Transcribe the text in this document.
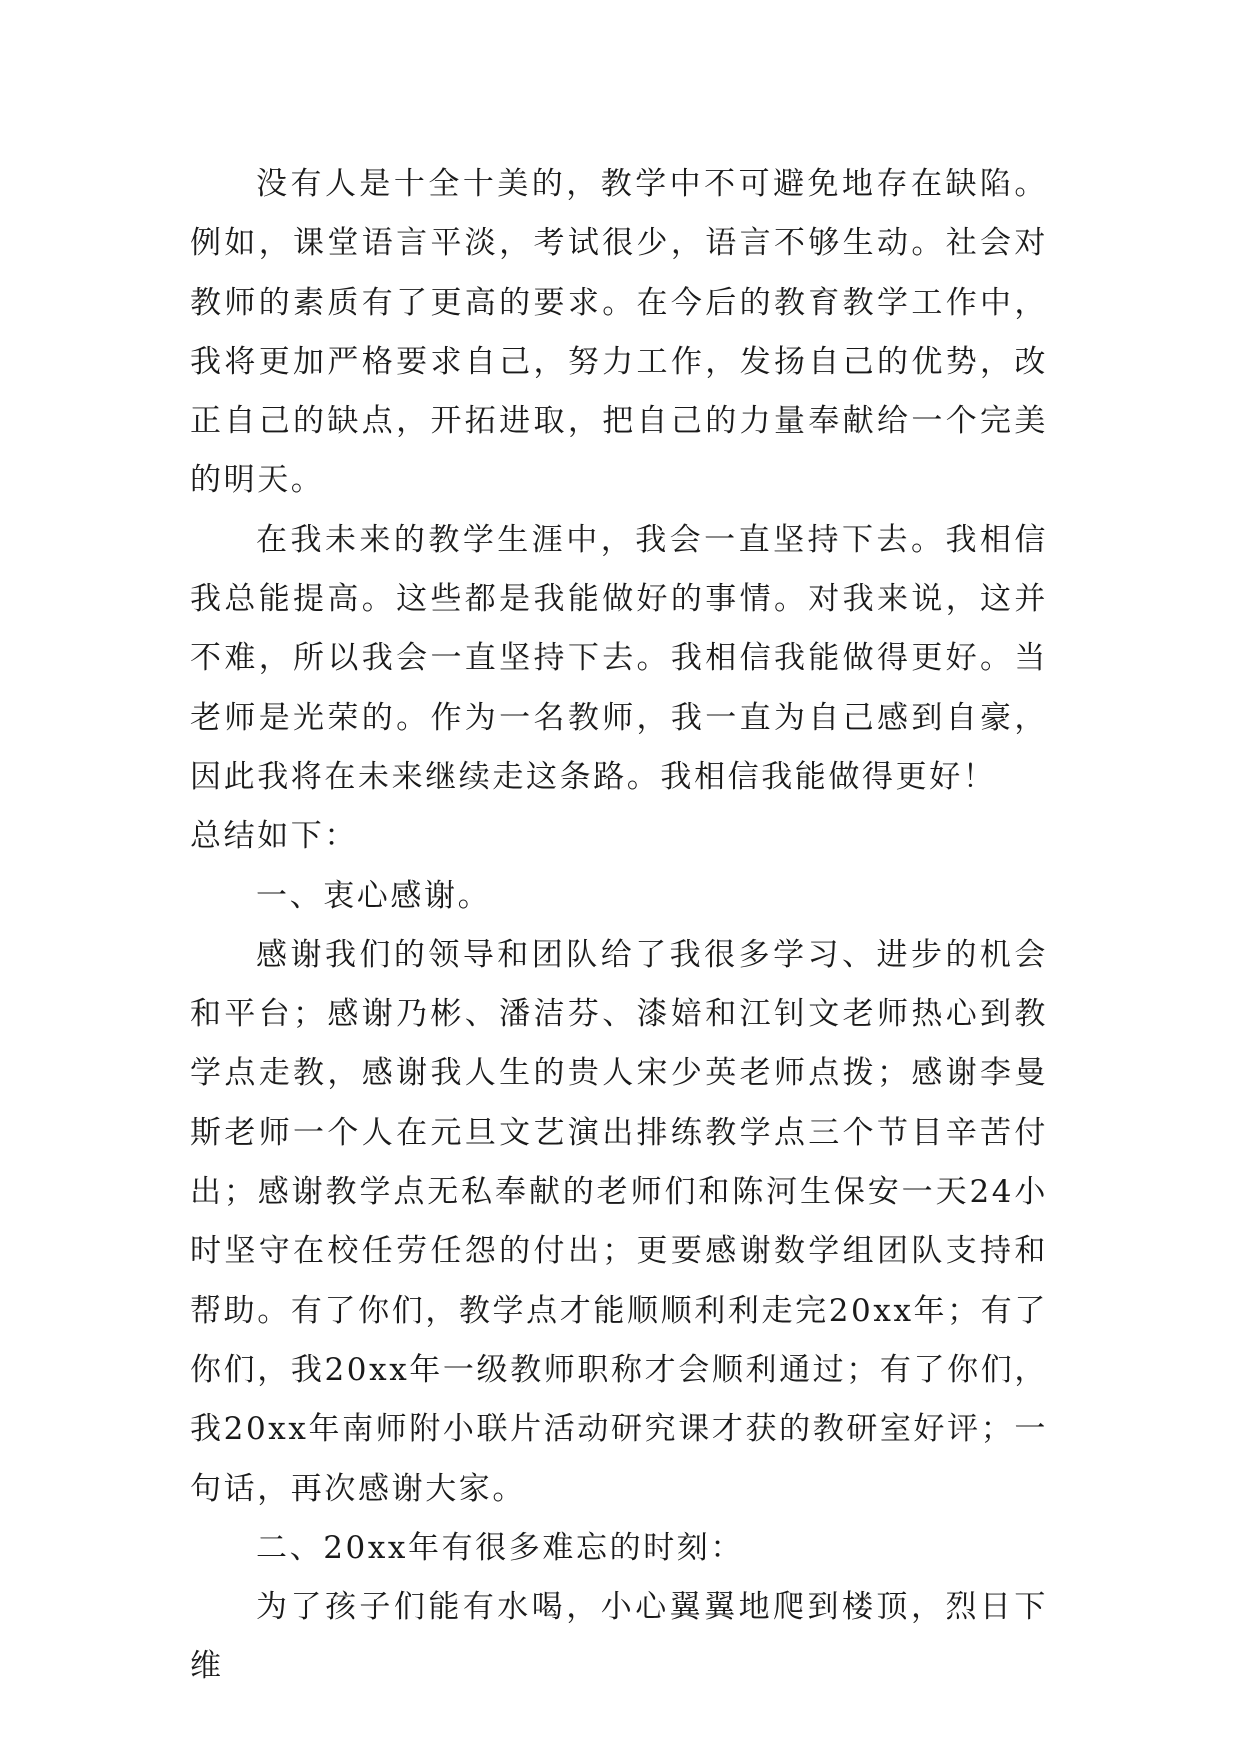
没有人是十全十美的，教学中不可避免地存在缺陷。例如，课堂语言平淡，考试很少，语言不够生动。社会对教师的素质有了更高的要求。在今后的教育教学工作中，我将更加严格要求自己，努力工作，发扬自己的优势，改正自己的缺点，开拓进取，把自己的力量奉献给一个完美的明天。

在我未来的教学生涯中，我会一直坚持下去。我相信我总能提高。这些都是我能做好的事情。对我来说，这并不难，所以我会一直坚持下去。我相信我能做得更好。当老师是光荣的。作为一名教师，我一直为自己感到自豪，因此我将在未来继续走这条路。我相信我能做得更好！

总结如下：

一、衷心感谢。

感谢我们的领导和团队给了我很多学习、进步的机会和平台；感谢乃彬、潘洁芬、漆婄和江钊文老师热心到教学点走教，感谢我人生的贵人宋少英老师点拨；感谢李曼斯老师一个人在元旦文艺演出排练教学点三个节目辛苦付出；感谢教学点无私奉献的老师们和陈河生保安一天24小时坚守在校任劳任怨的付出；更要感谢数学组团队支持和帮助。有了你们，教学点才能顺顺利利走完20xx年；有了你们，我20xx年一级教师职称才会顺利通过；有了你们，我20xx年南师附小联片活动研究课才获的教研室好评；一句话，再次感谢大家。

二、20xx年有很多难忘的时刻：

为了孩子们能有水喝，小心翼翼地爬到楼顶，烈日下维
